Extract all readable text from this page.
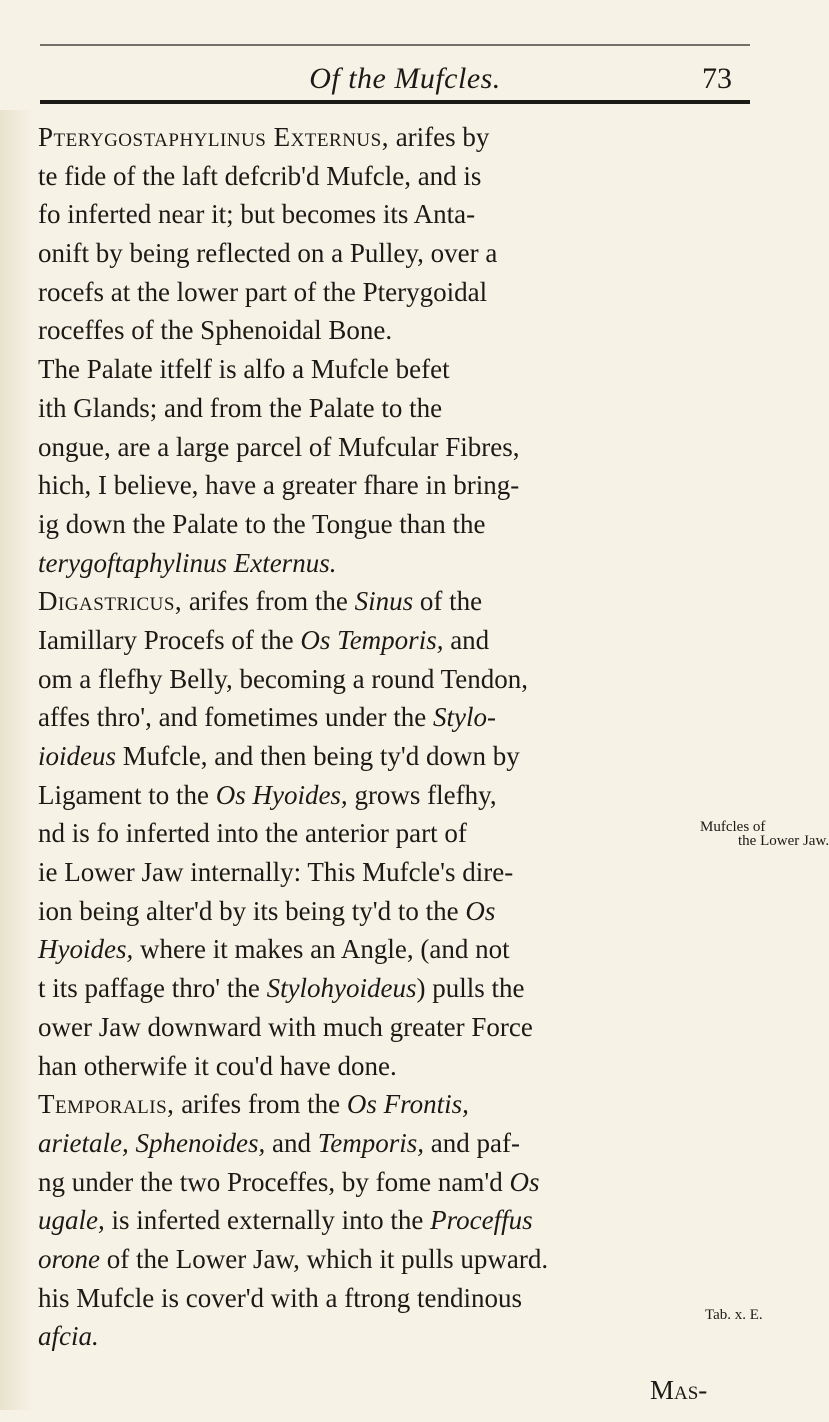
Of the Mufcles.	73
Pterygostaphylinus Externus, arifes by
te fide of the laft defcrib'd Mufcle, and is
fo inferted near it; but becomes its Anta-
onift by being reflected on a Pulley, over a
rocefs at the lower part of the Pterygoidal
roceffes of the Sphenoidal Bone.
The Palate itfelf is alfo a Mufcle befet
ith Glands; and from the Palate to the
ongue, are a large parcel of Mufcular Fibres,
hich, I believe, have a greater fhare in bring-
ig down the Palate to the Tongue than the
terygoftaphylinus Externus.
Digastricus, arifes from the Sinus of the
Iamillary Procefs of the Os Temporis, and
om a flefhy Belly, becoming a round Tendon,
affes thro', and fometimes under the Stylo-
ioideus Mufcle, and then being ty'd down by
Ligament to the Os Hyoides, grows flefhy,
nd is fo inferted into the anterior part of
ie Lower Jaw internally: This Mufcle's dire-
ion being alter'd by its being ty'd to the Os
Hyoides, where it makes an Angle, (and not
t its paffage thro' the Stylohyoideus) pulls the
ower Jaw downward with much greater Force
han otherwife it cou'd have done.
Temporalis, arifes from the Os Frontis,
arietale, Sphenoides, and Temporis, and paf-
ng under the two Proceffes, by fome nam'd Os
ugale, is inferted externally into the Proceffus
orone of the Lower Jaw, which it pulls upward.
his Mufcle is cover'd with a ftrong tendinous
afcia.
Mufcles of
the Lower Jaw.
Tab. x. E.
Mas-
